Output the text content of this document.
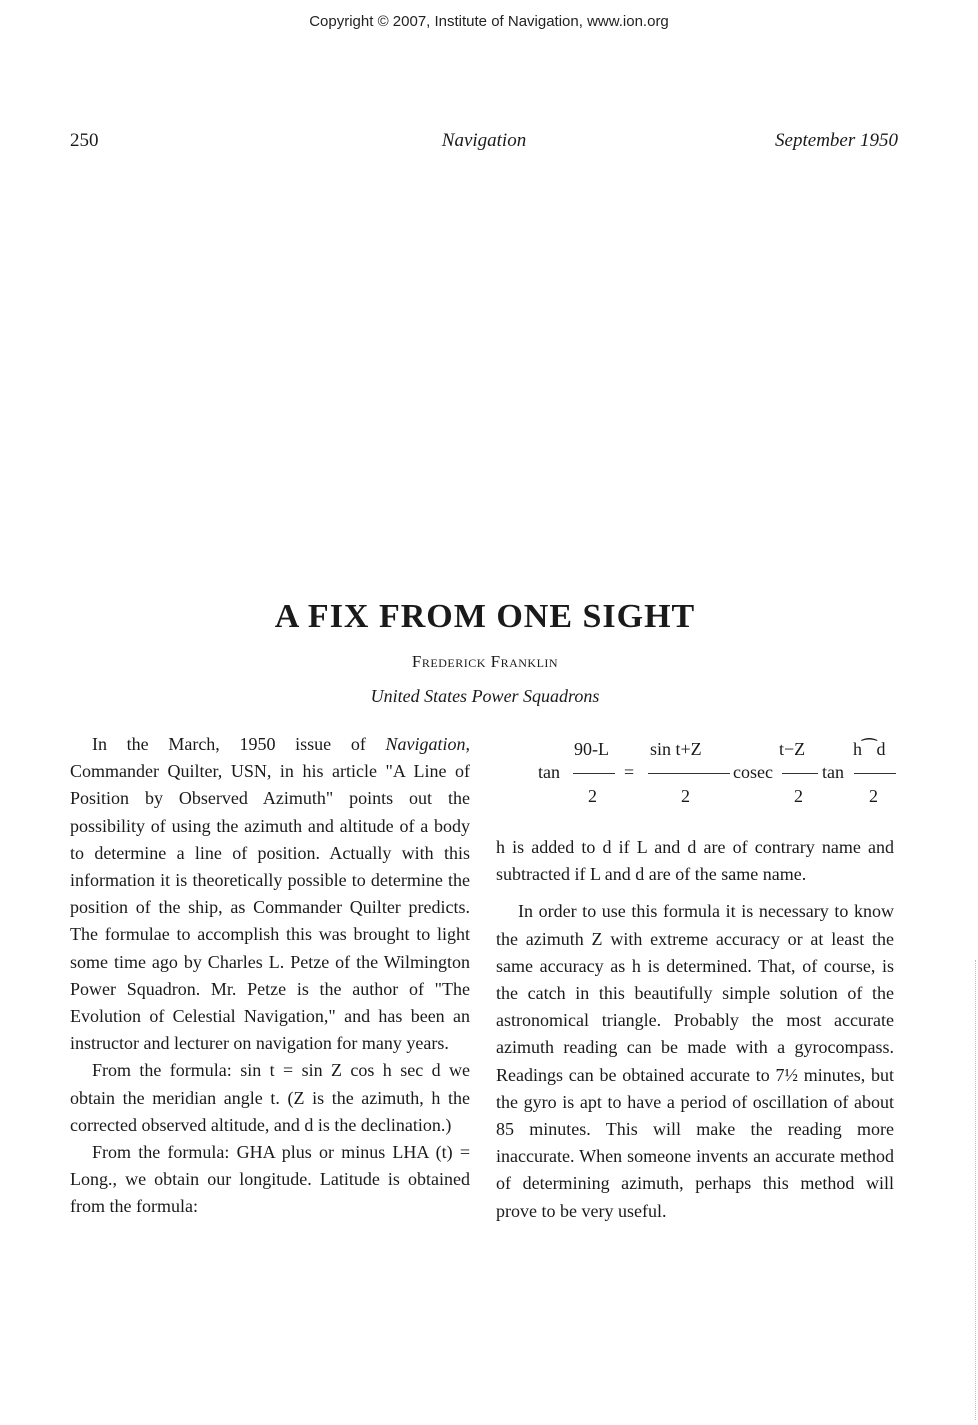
Copyright © 2007, Institute of Navigation, www.ion.org
Navigation
250	September 1950
A FIX FROM ONE SIGHT
Frederick Franklin
United States Power Squadrons

In the March, 1950 issue of Navigation, Commander Quilter, USN, in his article "A Line of Position by Observed Azimuth" points out the possibility of using the azimuth and altitude of a body to determine a line of position. Actually with this information it is theoretically possible to determine the position of the ship, as Commander Quilter predicts. The formulae to accomplish this was brought to light some time ago by Charles L. Petze of the Wilmington Power Squadron. Mr. Petze is the author of "The Evolution of Celestial Navigation," and has been an instructor and lecturer on navigation for many years.

From the formula: sin t = sin Z cos h sec d we obtain the meridian angle t. (Z is the azimuth, h the corrected observed altitude, and d is the declination.)

From the formula: GHA plus or minus LHA (t) = Long., we obtain our longitude. Latitude is obtained from the formula:

tan
90-L
2
=
sin t+Z
2
cosec
t−Z
2
tan
h⁀d
2

h is added to d if L and d are of contrary name and subtracted if L and d are of the same name.

In order to use this formula it is necessary to know the azimuth Z with extreme accuracy or at least the same accuracy as h is determined. That, of course, is the catch in this beautifully simple solution of the astronomical triangle. Probably the most accurate azimuth reading can be made with a gyrocompass. Readings can be obtained accurate to 7½ minutes, but the gyro is apt to have a period of oscillation of about 85 minutes. This will make the reading more inaccurate. When someone invents an accurate method of determining azimuth, perhaps this method will prove to be very useful.
